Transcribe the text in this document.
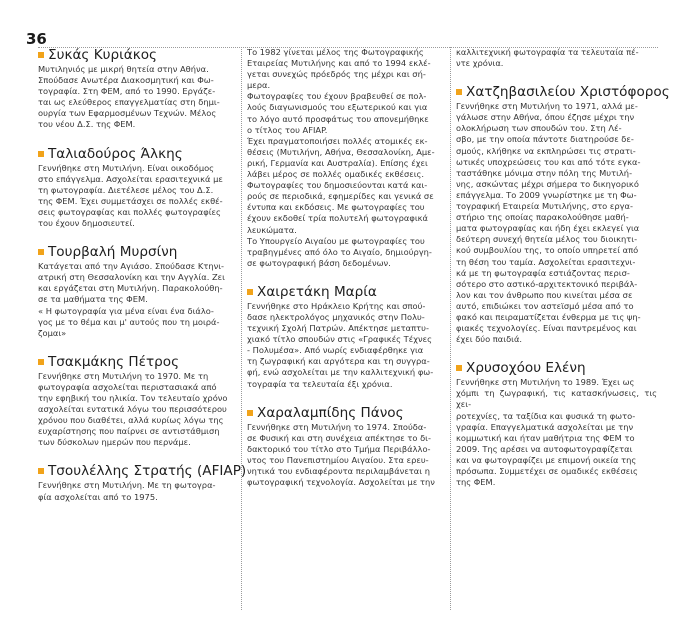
36
Συκάς Κυριάκος
Μυτιληνιός με μικρή θητεία στην Αθήνα.
Σπούδασε Ανωτέρα Διακοσμητική και Φω-
τογραφία. Στη ΦΕΜ, από το 1990. Εργάζε-
ται ως ελεύθερος επαγγελματίας στη δημι-
ουργία των Εφαρμοσμένων Τεχνών. Μέλος
του νέου Δ.Σ. της ΦΕΜ.
Ταλιαδούρος Άλκης
Γεννήθηκε στη Μυτιλήνη. Είναι οικοδόμος
στο επάγγελμα. Ασχολείται ερασιτεχνικά με
τη φωτογραφία. Διετέλεσε μέλος του Δ.Σ.
της ΦΕΜ. Έχει συμμετάσχει σε πολλές εκθέ-
σεις φωτογραφίας και πολλές φωτογραφίες
του έχουν δημοσιευτεί.
Τουρβαλή Μυρσίνη
Κατάγεται από την Αγιάσο. Σπούδασε Κτηνι-
ατρική στη Θεσσαλονίκη και την Αγγλία. Ζει
και εργάζεται στη Μυτιλήνη. Παρακολούθη-
σε τα μαθήματα της ΦΕΜ.
« Η φωτογραφία για μένα είναι ένα διάλο-
γος με το θέμα και μ' αυτούς που τη μοιρά-
ζομαι»
Τσακμάκης Πέτρος
Γεννήθηκε στη Μυτιλήνη το 1970. Με τη
φωτογραφία ασχολείται περιστασιακά από
την εφηβική του ηλικία. Τον τελευταίο χρόνο
ασχολείται εντατικά λόγω του περισσότερου
χρόνου που διαθέτει, αλλά κυρίως λόγω της
ευχαρίστησης που παίρνει σε αντιστάθμιση
των δύσκολων ημερών που περνάμε.
Τσουλέλλης Στρατής (AFIAP)
Γεννήθηκε στη Μυτιλήνη. Με τη φωτογρα-
φία ασχολείται από το 1975.
Το 1982 γίνεται μέλος της Φωτογραφικής
Εταιρείας Μυτιλήνης και από το 1994 εκλέ-
γεται συνεχώς πρόεδρός της μέχρι και σή-
μερα.
Φωτογραφίες του έχουν βραβευθεί σε πολ-
λούς διαγωνισμούς του εξωτερικού και για
το λόγο αυτό προσφάτως του απονεμήθηκε
ο τίτλος του AFIAP.
Έχει πραγματοποιήσει πολλές ατομικές εκ-
θέσεις (Μυτιλήνη, Αθήνα, Θεσσαλονίκη, Αμε-
ρική, Γερμανία και Αυστραλία). Επίσης έχει
λάβει μέρος σε πολλές ομαδικές εκθέσεις.
Φωτογραφίες του δημοσιεύονται κατά και-
ρούς σε περιοδικά, εφημερίδες και γενικά σε
έντυπα και εκδόσεις. Με φωτογραφίες του
έχουν εκδοθεί τρία πολυτελή φωτογραφικά
λευκώματα.
Το Υπουργείο Αιγαίου με φωτογραφίες του
τραβηγμένες από όλο το Αιγαίο, δημιούργη-
σε φωτογραφική βάση δεδομένων.
Χαιρετάκη Μαρία
Γεννήθηκε στο Ηράκλειο Κρήτης και σπού-
δασε ηλεκτρολόγος μηχανικός στην Πολυ-
τεχνική Σχολή Πατρών. Απέκτησε μεταπτυ-
χιακό τίτλο σπουδών στις «Γραφικές Τέχνες
- Πολυμέσα». Από νωρίς ενδιαφέρθηκε για
τη ζωγραφική και αργότερα και τη συγγρα-
φή, ενώ ασχολείται με την καλλιτεχνική φω-
τογραφία τα τελευταία έξι χρόνια.
Χαραλαμπίδης Πάνος
Γεννήθηκε στη Μυτιλήνη το 1974. Σπούδα-
σε Φυσική και στη συνέχεια απέκτησε το δι-
δακτορικό του τίτλο στο Τμήμα Περιβάλλο-
ντος του Πανεπιστημίου Αιγαίου. Στα ερευ-
νητικά του ενδιαφέροντα περιλαμβάνεται η
φωτογραφική τεχνολογία. Ασχολείται με την
καλλιτεχνική φωτογραφία τα τελευταία πέ-
ντε χρόνια.
Χατζηβασιλείου Χριστόφορος
Γεννήθηκε στη Μυτιλήνη το 1971, αλλά με-
γάλωσε στην Αθήνα, όπου έζησε μέχρι την
ολοκλήρωση των σπουδών του. Στη Λέ-
σβο, με την οποία πάντοτε διατηρούσε δε-
σμούς, κλήθηκε να εκπληρώσει τις στρατι-
ωτικές υποχρεώσεις του και από τότε εγκα-
ταστάθηκε μόνιμα στην πόλη της Μυτιλή-
νης, ασκώντας μέχρι σήμερα το δικηγορικό
επάγγελμα. Το 2009 γνωρίστηκε με τη Φω-
τογραφική Εταιρεία Μυτιλήνης, στο εργα-
στήριο της οποίας παρακολούθησε μαθή-
ματα φωτογραφίας και ήδη έχει εκλεγεί για
δεύτερη συνεχή θητεία μέλος του διοικητι-
κού συμβουλίου της, το οποίο υπηρετεί από
τη θέση του ταμία. Ασχολείται ερασιτεχνι-
κά με τη φωτογραφία εστιάζοντας περισ-
σότερο στο αστικό-αρχιτεκτονικό περιβάλ-
λον και τον άνθρωπο που κινείται μέσα σε
αυτό, επιδιώκει τον αστεϊσμό μέσα από το
φακό και πειραματίζεται ένθερμα με τις ψη-
φιακές τεχνολογίες. Είναι παντρεμένος και
έχει δύο παιδιά.
Χρυσοχόου Ελένη
Γεννήθηκε στη Μυτιλήνη το 1989. Έχει ως
χόμπι τη ζωγραφική, τις κατασκήνωσεις, τις χει-
ροτεχνίες, τα ταξίδια και φυσικά τη φωτο-
γραφία. Επαγγελματικά ασχολείται με την
κομμωτική και ήταν μαθήτρια της ΦΕΜ το
2009. Της αρέσει να αυτοφωτογραφίζεται
και να φωτογραφίζει με επιμονή οικεία της
πρόσωπα. Συμμετέχει σε ομαδικές εκθέσεις
της ΦΕΜ.
